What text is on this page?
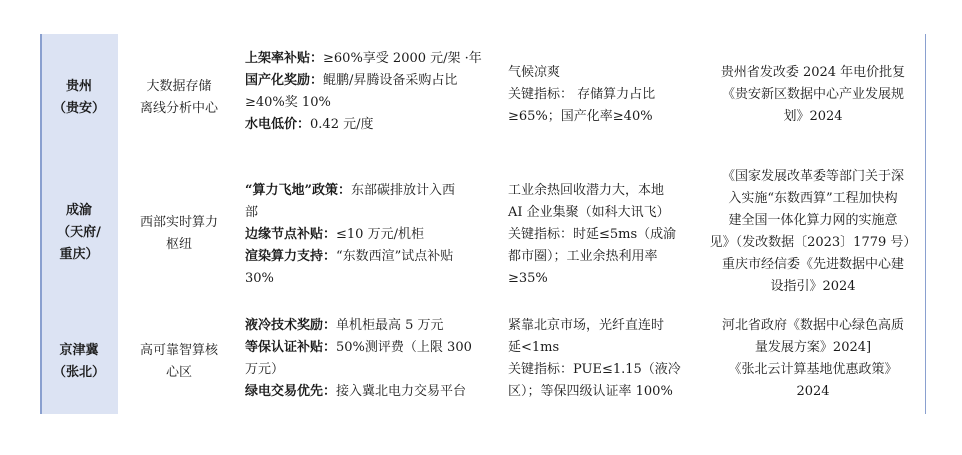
贵州
（贵安）
大数据存储
离线分析中心
上架率补贴：≥60%享受 2000 元/架 ·年
国产化奖励：鲲鹏/昇腾设备采购占比
≥40%奖 10%
水电低价：0.42 元/度
气候凉爽
关键指标： 存储算力占比
≥65%；国产化率≥40%
贵州省发改委 2024 年电价批复
《贵安新区数据中心产业发展规
划》2024
成渝
（天府/
重庆）
西部实时算力
枢纽
“算力飞地”政策：东部碳排放计入西
部
边缘节点补贴：≤10 万元/机柜
渲染算力支持：“东数西渲”试点补贴
30%
工业余热回收潜力大，本地
AI 企业集聚（如科大讯飞）
关键指标：时延≤5ms（成渝
都市圈）；工业余热利用率
≥35%
《国家发展改革委等部门关于深
入实施“东数西算”工程加快构
建全国一体化算力网的实施意
见》（发改数据〔2023〕1779 号）
重庆市经信委《先进数据中心建
设指引》2024
京津冀
（张北）
高可靠智算核
心区
液冷技术奖励：单机柜最高 5 万元
等保认证补贴：50%测评费（上限 300
万元）
绿电交易优先：接入冀北电力交易平台
紧靠北京市场，光纤直连时
延<1ms
关键指标：PUE≤1.15（液冷
区）；等保四级认证率 100%
河北省政府《数据中心绿色高质
量发展方案》2024]
《张北云计算基地优惠政策》
2024
